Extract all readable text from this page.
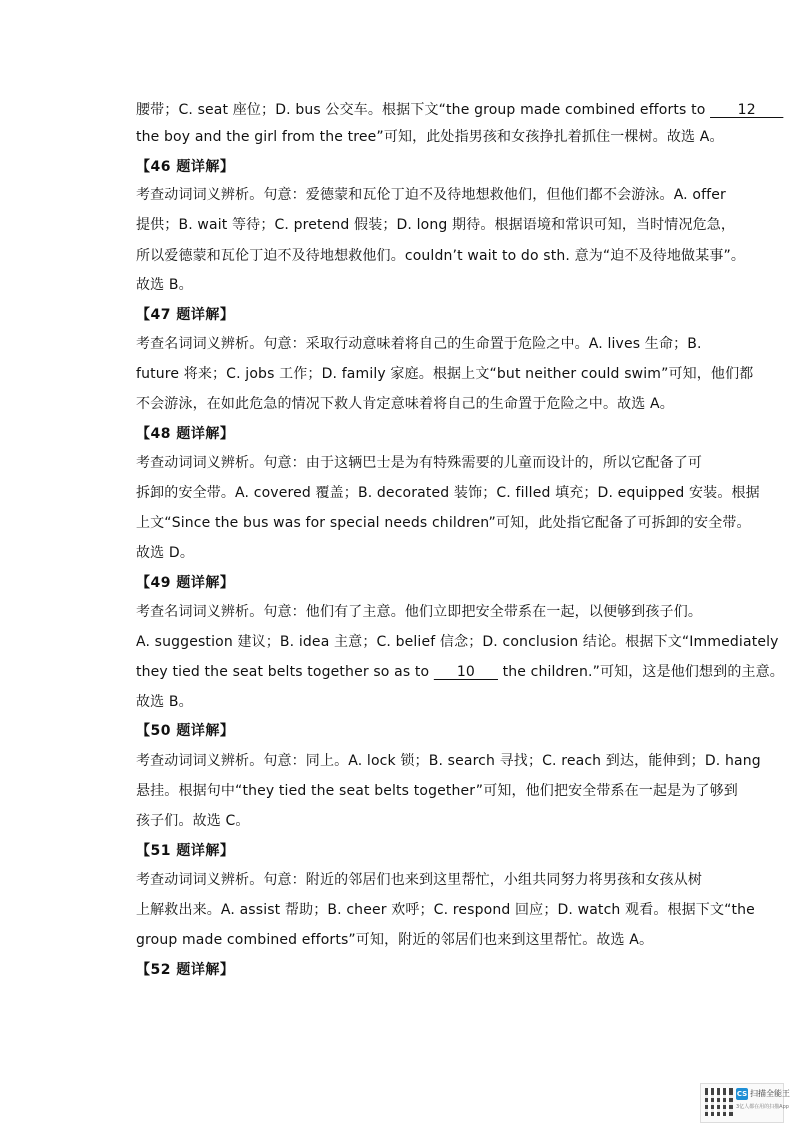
腰带；C. seat 座位；D. bus 公交车。根据下文“the group made combined efforts to       12
the boy and the girl from the tree”可知，此处指男孩和女孩挣扎着抓住一棵树。故选 A。
【46 题详解】
考查动词词义辨析。句意：爱德蒙和瓦伦丁迫不及待地想救他们，但他们都不会游泳。A. offer
提供；B. wait 等待；C. pretend 假装；D. long 期待。根据语境和常识可知，当时情况危急，
所以爱德蒙和瓦伦丁迫不及待地想救他们。couldn’t wait to do sth. 意为“迫不及待地做某事”。
故选 B。
【47 题详解】
考查名词词义辨析。句意：采取行动意味着将自己的生命置于危险之中。A. lives 生命；B.
future 将来；C. jobs 工作；D. family 家庭。根据上文“but neither could swim”可知，他们都
不会游泳，在如此危急的情况下救人肯定意味着将自己的生命置于危险之中。故选 A。
【48 题详解】
考查动词词义辨析。句意：由于这辆巴士是为有特殊需要的儿童而设计的，所以它配备了可
拆卸的安全带。A. covered 覆盖；B. decorated 装饰；C. filled 填充；D. equipped 安装。根据
上文“Since the bus was for special needs children”可知，此处指它配备了可拆卸的安全带。
故选 D。
【49 题详解】
考查名词词义辨析。句意：他们有了主意。他们立即把安全带系在一起，以便够到孩子们。
A. suggestion 建议；B. idea 主意；C. belief 信念；D. conclusion 结论。根据下文“Immediately
they tied the seat belts together so as to      10      the children.”可知，这是他们想到的主意。
故选 B。
【50 题详解】
考查动词词义辨析。句意：同上。A. lock 锁；B. search 寻找；C. reach 到达，能伸到；D. hang
悬挂。根据句中“they tied the seat belts together”可知，他们把安全带系在一起是为了够到
孩子们。故选 C。
【51 题详解】
考查动词词义辨析。句意：附近的邻居们也来到这里帮忙，小组共同努力将男孩和女孩从树
上解救出来。A. assist 帮助；B. cheer 欢呼；C. respond 回应；D. watch 观看。根据下文“the
group made combined efforts”可知，附近的邻居们也来到这里帮忙。故选 A。
【52 题详解】
CS 扫描全能王
3亿人都在用的扫描App
